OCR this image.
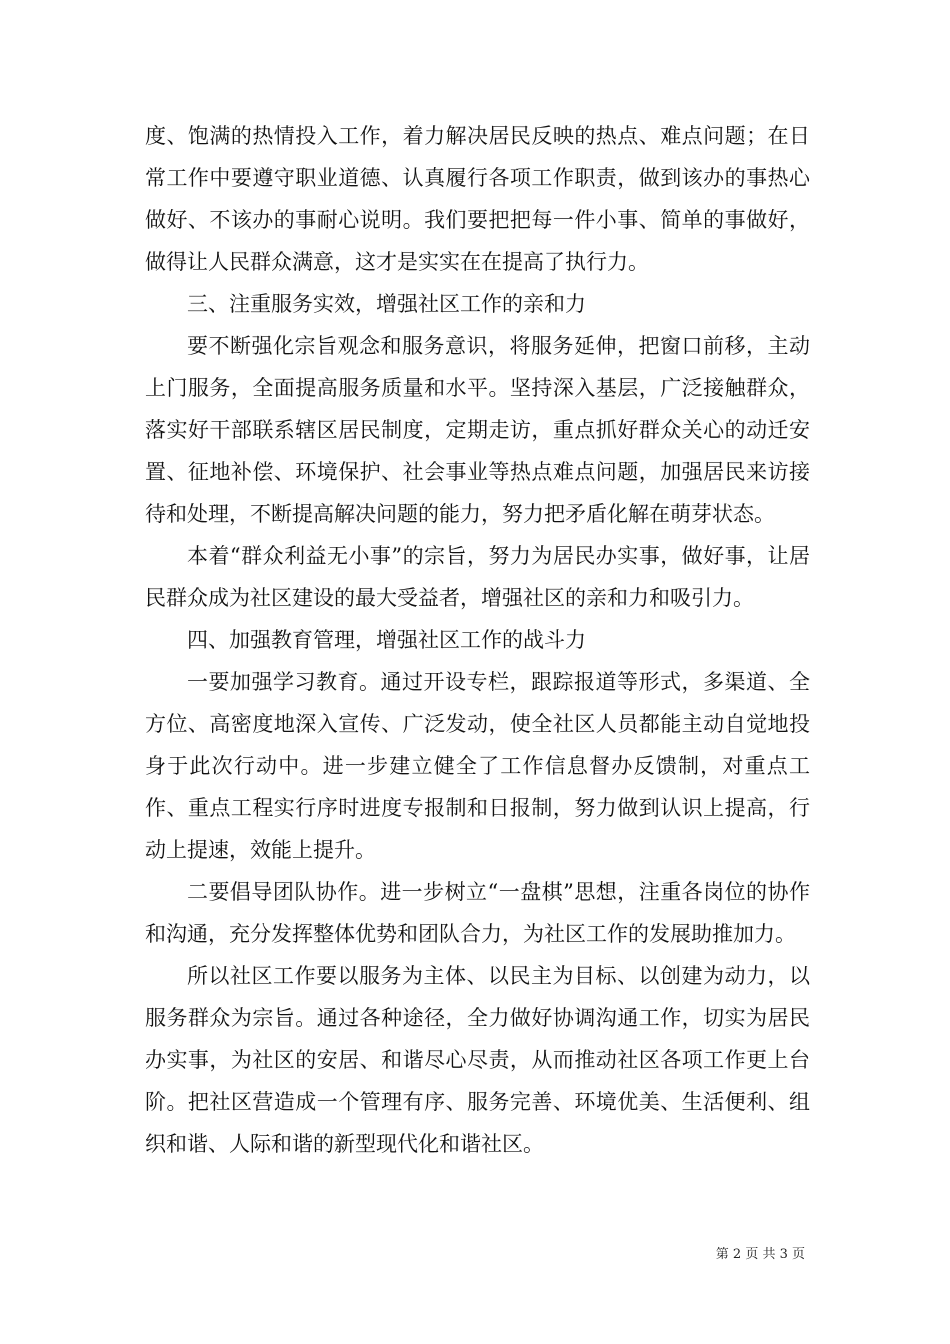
度、饱满的热情投入工作，着力解决居民反映的热点、难点问题；在日常工作中要遵守职业道德、认真履行各项工作职责，做到该办的事热心做好、不该办的事耐心说明。我们要把把每一件小事、简单的事做好，做得让人民群众满意，这才是实实在在提高了执行力。

三、注重服务实效，增强社区工作的亲和力

要不断强化宗旨观念和服务意识，将服务延伸，把窗口前移，主动上门服务，全面提高服务质量和水平。坚持深入基层，广泛接触群众，落实好干部联系辖区居民制度，定期走访，重点抓好群众关心的动迁安置、征地补偿、环境保护、社会事业等热点难点问题，加强居民来访接待和处理，不断提高解决问题的能力，努力把矛盾化解在萌芽状态。

本着“群众利益无小事”的宗旨，努力为居民办实事，做好事，让居民群众成为社区建设的最大受益者，增强社区的亲和力和吸引力。

四、加强教育管理，增强社区工作的战斗力

一要加强学习教育。通过开设专栏，跟踪报道等形式，多渠道、全方位、高密度地深入宣传、广泛发动，使全社区人员都能主动自觉地投身于此次行动中。进一步建立健全了工作信息督办反馈制，对重点工作、重点工程实行序时进度专报制和日报制，努力做到认识上提高，行动上提速，效能上提升。

二要倡导团队协作。进一步树立“一盘棋”思想，注重各岗位的协作和沟通，充分发挥整体优势和团队合力，为社区工作的发展助推加力。

所以社区工作要以服务为主体、以民主为目标、以创建为动力，以服务群众为宗旨。通过各种途径，全力做好协调沟通工作，切实为居民办实事，为社区的安居、和谐尽心尽责，从而推动社区各项工作更上台阶。把社区营造成一个管理有序、服务完善、环境优美、生活便利、组织和谐、人际和谐的新型现代化和谐社区。

第 2 页 共 3 页
